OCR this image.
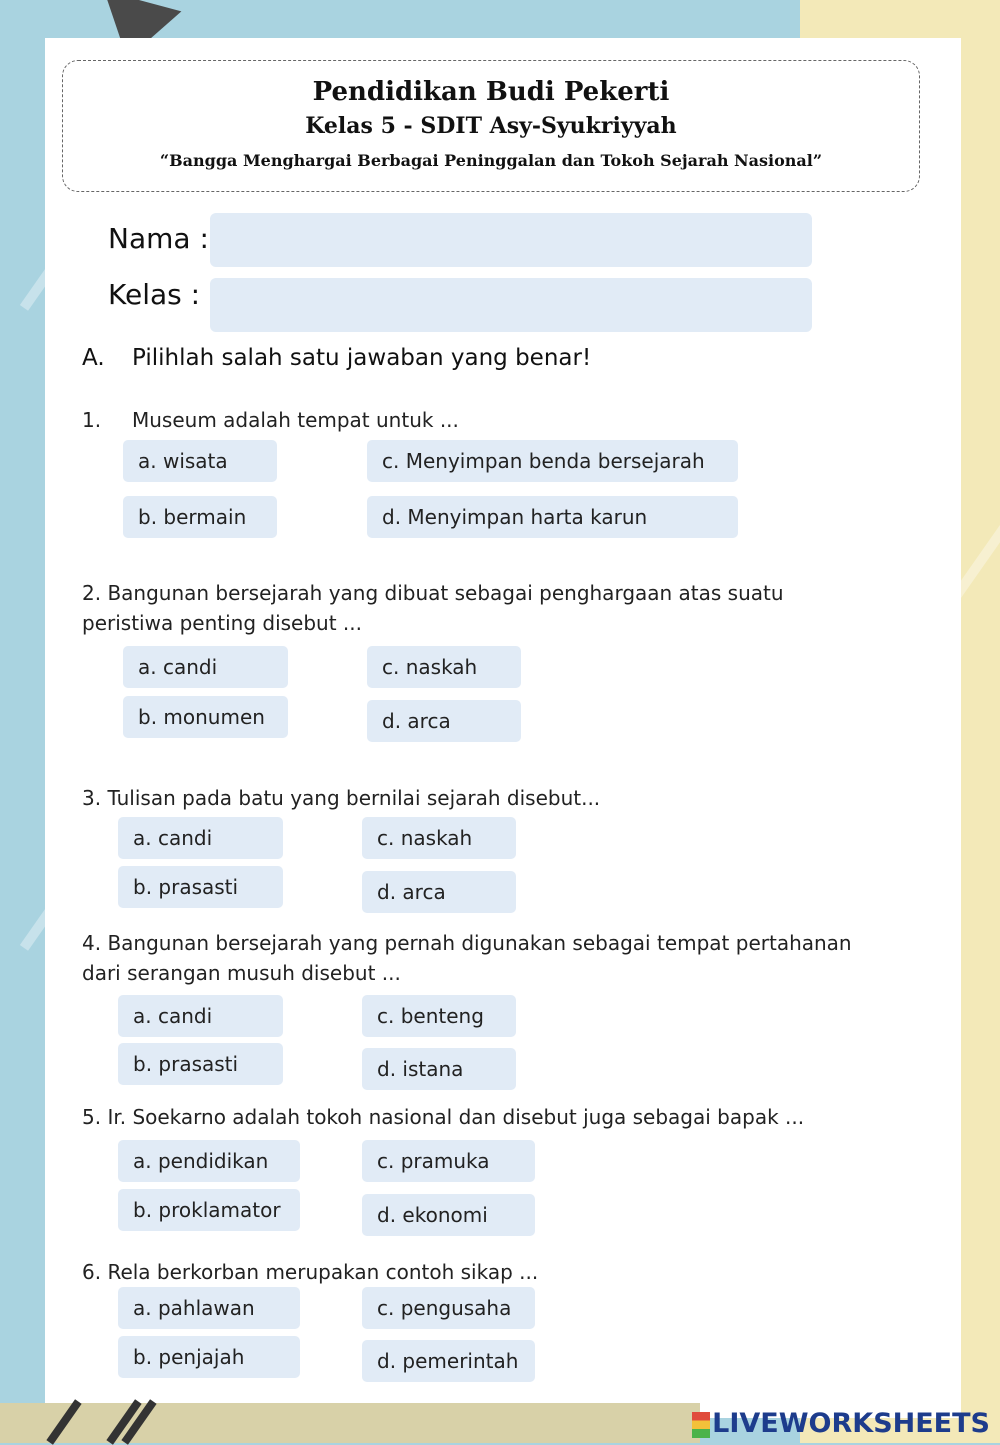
Pendidikan Budi Pekerti
Kelas 5 - SDIT Asy-Syukriyyah
“Bangga Menghargai Berbagai Peninggalan dan Tokoh Sejarah Nasional”
Nama :
Kelas :
A. Pilihlah salah satu jawaban yang benar!
1. Museum adalah tempat untuk ...
a. wisata	c. Menyimpan benda bersejarah
b. bermain	d. Menyimpan harta karun
2. Bangunan bersejarah yang dibuat sebagai penghargaan atas suatu peristiwa penting disebut ...
a. candi	c. naskah
b. monumen	d. arca
3. Tulisan pada batu yang bernilai sejarah disebut...
a. candi	c. naskah
b. prasasti	d. arca
4. Bangunan bersejarah yang pernah digunakan sebagai tempat pertahanan dari serangan musuh disebut ...
a. candi	c. benteng
b. prasasti	d. istana
5. Ir. Soekarno adalah tokoh nasional dan disebut juga sebagai bapak ...
a. pendidikan	c. pramuka
b. proklamator	d. ekonomi
6. Rela berkorban merupakan contoh sikap ...
a. pahlawan	c. pengusaha
b. penjajah	d. pemerintah
LIVEWORKSHEETS
